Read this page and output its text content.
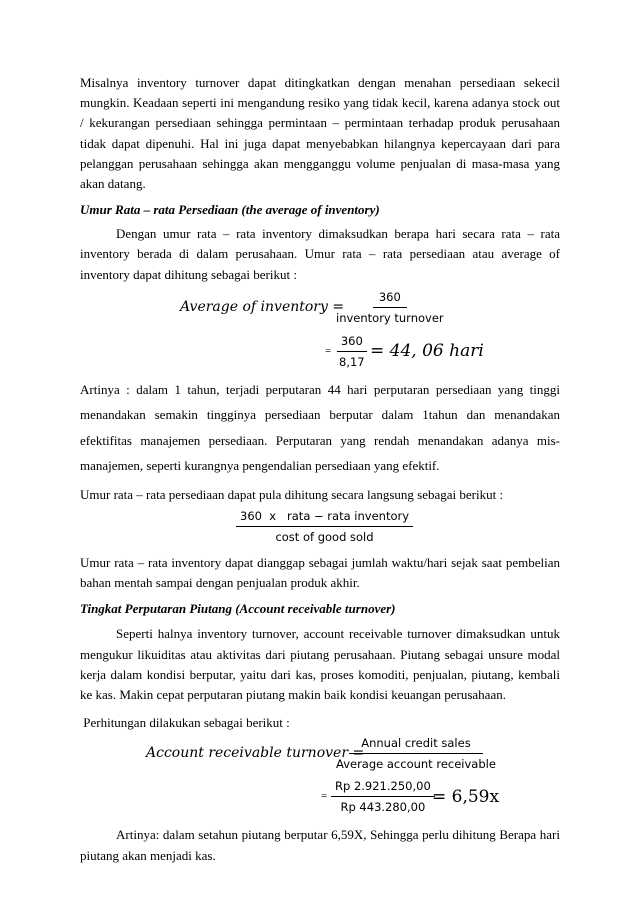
Misalnya inventory turnover dapat ditingkatkan dengan menahan persediaan sekecil mungkin. Keadaan seperti ini mengandung resiko yang tidak kecil, karena adanya stock out / kekurangan persediaan sehingga permintaan – permintaan terhadap produk perusahaan tidak dapat dipenuhi. Hal ini juga dapat menyebabkan hilangnya kepercayaan dari para pelanggan perusahaan sehingga akan mengganggu volume penjualan di masa-masa yang akan datang.

Umur Rata – rata Persediaan (the average of inventory)

Dengan umur rata – rata inventory dimaksudkan berapa hari secara rata – rata inventory berada di dalam perusahaan. Umur rata – rata persediaan atau average of inventory dapat dihitung sebagai berikut :

Average of inventory =
360
inventory turnover
= $\frac{360}{8,17} = 44$, 06 hari

Artinya : dalam 1 tahun, terjadi perputaran 44 hari perputaran persediaan yang tinggi menandakan semakin tingginya persediaan berputar dalam 1tahun dan menandakan efektifitas manajemen persediaan. Perputaran yang rendah menandakan adanya mis-manajemen, seperti kurangnya pengendalian persediaan yang efektif.

Umur rata – rata persediaan dapat pula dihitung secara langsung sebagai berikut :

360  x   rata − rata inventory
cost of good sold

Umur rata – rata inventory dapat dianggap sebagai jumlah waktu/hari sejak saat pembelian bahan mentah sampai dengan penjualan produk akhir.

Tingkat Perputaran Piutang (Account receivable turnover)

Seperti halnya inventory turnover, account receivable turnover dimaksudkan untuk mengukur likuiditas atau aktivitas dari piutang perusahaan. Piutang sebagai unsure modal kerja dalam kondisi berputar, yaitu dari kas, proses komoditi, penjualan, piutang, kembali ke kas. Makin cepat perputaran piutang makin baik kondisi keuangan perusahaan.

Perhitungan dilakukan sebagai berikut :

Account receivable turnover =
Annual credit sales
Average account receivable
= $\frac{Rp 2.921.250,00}{Rp 443.280,00}$
= 6,59x

Artinya: dalam setahun piutang berputar 6,59X, Sehingga perlu dihitung Berapa hari piutang akan menjadi kas.
